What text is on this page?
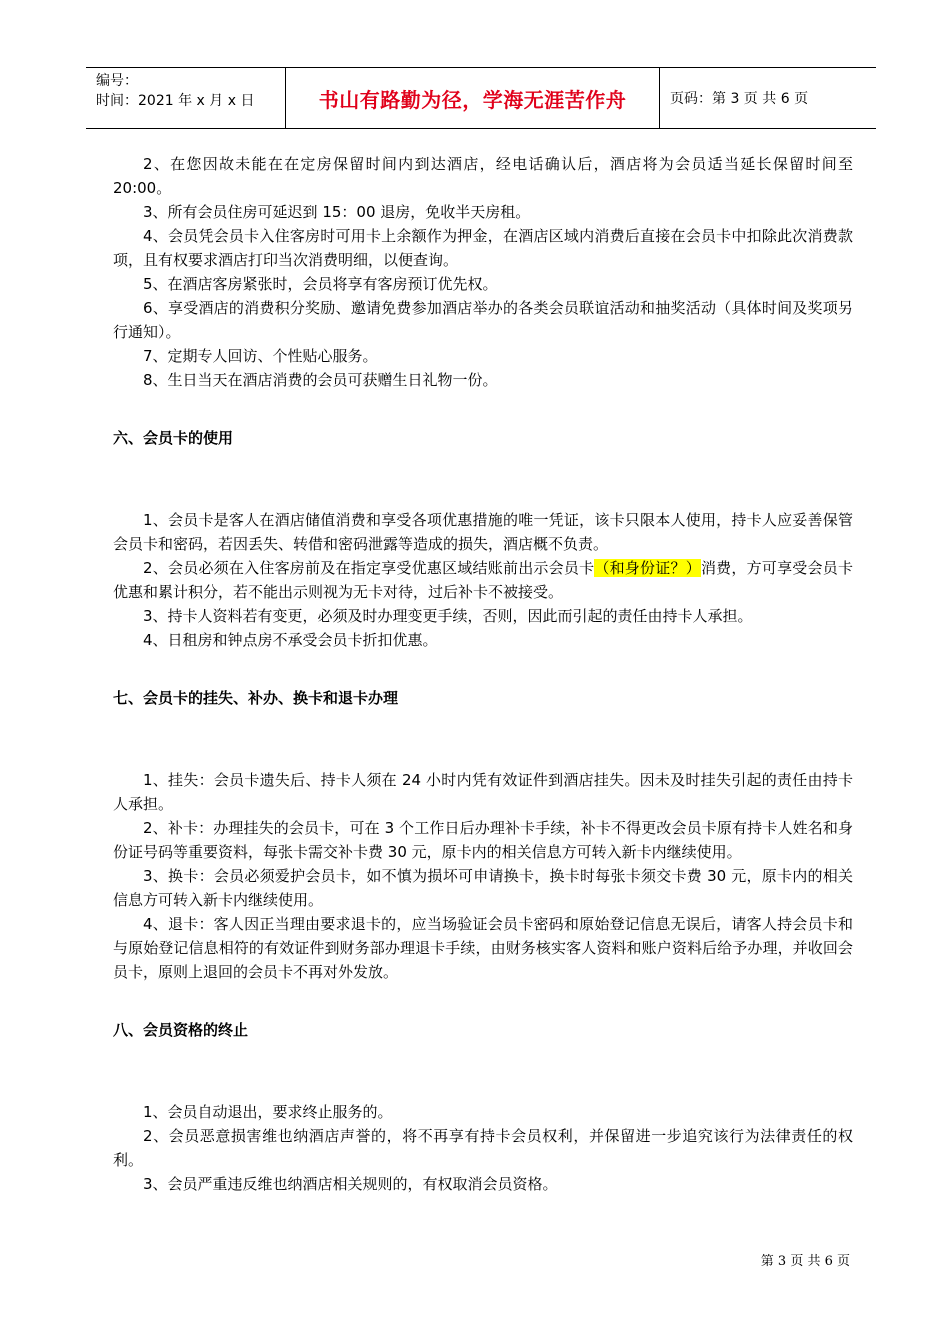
编号：
时间：2021 年 x 月 x 日	书山有路勤为径，学海无涯苦作舟	页码：第 3 页 共 6 页

2、在您因故未能在在定房保留时间内到达酒店，经电话确认后，酒店将为会员适当延长保留时间至 20:00。

3、所有会员住房可延迟到 15：00 退房，免收半天房租。

4、会员凭会员卡入住客房时可用卡上余额作为押金，在酒店区域内消费后直接在会员卡中扣除此次消费款项，且有权要求酒店打印当次消费明细，以便查询。

5、在酒店客房紧张时，会员将享有客房预订优先权。

6、享受酒店的消费积分奖励、邀请免费参加酒店举办的各类会员联谊活动和抽奖活动（具体时间及奖项另行通知）。

7、定期专人回访、个性贴心服务。

8、生日当天在酒店消费的会员可获赠生日礼物一份。

六、会员卡的使用

1、会员卡是客人在酒店储值消费和享受各项优惠措施的唯一凭证，该卡只限本人使用，持卡人应妥善保管会员卡和密码，若因丢失、转借和密码泄露等造成的损失，酒店概不负责。

2、会员必须在入住客房前及在指定享受优惠区域结账前出示会员卡（和身份证？）消费，方可享受会员卡优惠和累计积分，若不能出示则视为无卡对待，过后补卡不被接受。

3、持卡人资料若有变更，必须及时办理变更手续，否则，因此而引起的责任由持卡人承担。

4、日租房和钟点房不承受会员卡折扣优惠。

七、会员卡的挂失、补办、换卡和退卡办理

1、挂失：会员卡遗失后、持卡人须在 24 小时内凭有效证件到酒店挂失。因未及时挂失引起的责任由持卡人承担。

2、补卡：办理挂失的会员卡，可在 3 个工作日后办理补卡手续，补卡不得更改会员卡原有持卡人姓名和身份证号码等重要资料，每张卡需交补卡费 30 元，原卡内的相关信息方可转入新卡内继续使用。

3、换卡：会员必须爱护会员卡，如不慎为损坏可申请换卡，换卡时每张卡须交卡费 30 元，原卡内的相关信息方可转入新卡内继续使用。

4、退卡：客人因正当理由要求退卡的，应当场验证会员卡密码和原始登记信息无误后，请客人持会员卡和与原始登记信息相符的有效证件到财务部办理退卡手续，由财务核实客人资料和账户资料后给予办理，并收回会员卡，原则上退回的会员卡不再对外发放。

八、会员资格的终止

1、会员自动退出，要求终止服务的。

2、会员恶意损害维也纳酒店声誉的，将不再享有持卡会员权利，并保留进一步追究该行为法律责任的权利。

3、会员严重违反维也纳酒店相关规则的，有权取消会员资格。

第 3 页 共 6 页
